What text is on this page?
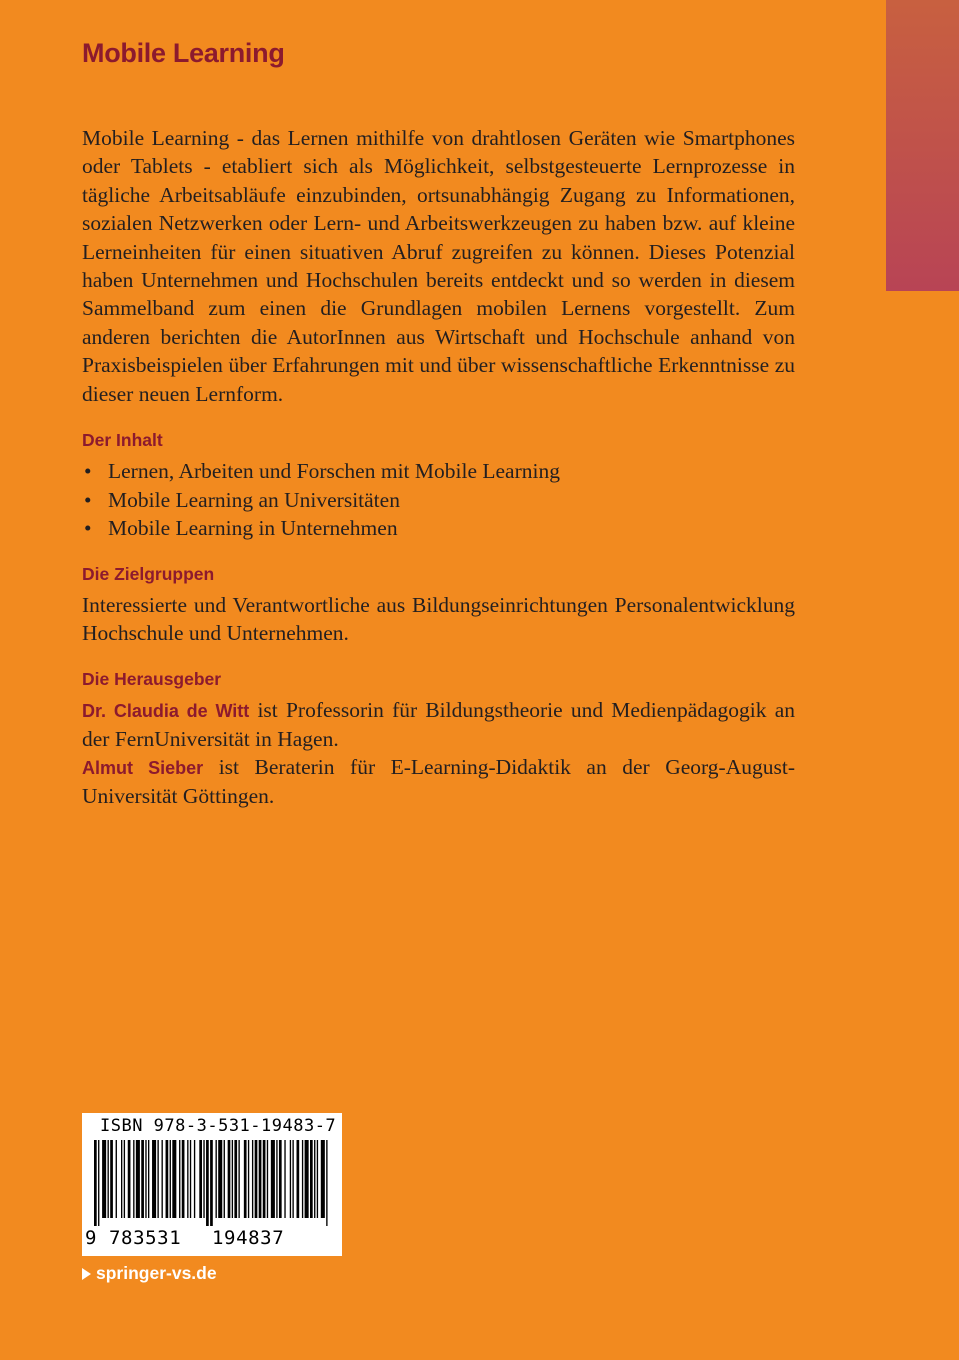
Mobile Learning

Mobile Learning - das Lernen mithilfe von drahtlosen Geräten wie Smartphones oder Tablets - etabliert sich als Möglichkeit, selbstgesteuerte Lernprozesse in tägliche Arbeitsabläufe einzubinden, ortsunabhängig Zugang zu Informationen, sozialen Netzwerken oder Lern- und Arbeitswerkzeugen zu haben bzw. auf kleine Lerneinheiten für einen situativen Abruf zugreifen zu können. Dieses Potenzial haben Unternehmen und Hochschulen bereits entdeckt und so werden in diesem Sammelband zum einen die Grundlagen mobilen Lernens vorgestellt. Zum anderen berichten die AutorInnen aus Wirtschaft und Hochschule anhand von Praxisbeispielen über Erfahrungen mit und über wissenschaftliche Erkenntnisse zu dieser neuen Lernform.

Der Inhalt
• Lernen, Arbeiten und Forschen mit Mobile Learning
• Mobile Learning an Universitäten
• Mobile Learning in Unternehmen
Die Zielgruppen

Interessierte und Verantwortliche aus Bildungseinrichtungen Personalentwicklung Hochschule und Unternehmen.

Die Herausgeber

Dr. Claudia de Witt ist Professorin für Bildungstheorie und Medienpädagogik an der FernUniversität in Hagen.

Almut Sieber ist Beraterin für E-Learning-Didaktik an der Georg-August-Universität Göttingen.

ISBN 978-3-531-19483-7
9 783531 194837
springer-vs.de
